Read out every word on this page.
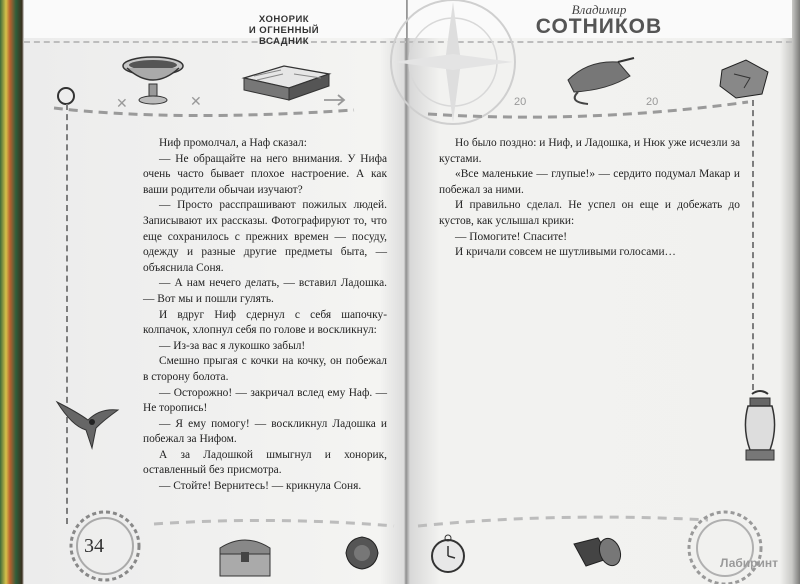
ХОНОРИК
И ОГНЕННЫЙ
ВСАДНИК
✕	✕

Ниф промолчал, а Наф сказал:

— Не обращайте на него внимания. У Нифа очень часто бывает плохое настроение. А как ваши родители обычаи изучают?

— Просто расспрашивают пожилых людей. Записывают их рассказы. Фотографируют то, что еще сохранилось с прежних времен — посуду, одежду и разные другие предметы быта, — объяснила Соня.

— А нам нечего делать, — вставил Ладошка. — Вот мы и пошли гулять.

И вдруг Ниф сдернул с себя шапочку-колпачок, хлопнул себя по голове и воскликнул:

— Из-за вас я лукошко забыл!

Смешно прыгая с кочки на кочку, он побежал в сторону болота.

— Осторожно! — закричал вслед ему Наф. — Не торопись!

— Я ему помогу! — воскликнул Ладошка и побежал за Нифом.

А за Ладошкой шмыгнул и хонорик, оставленный без присмотра.

— Стойте! Вернитесь! — крикнула Соня.

34
Владимир
СОТНИКОВ
20	20

Но было поздно: и Ниф, и Ладошка, и Нюк уже исчезли за кустами.

«Все маленькие — глупые!» — сердито подумал Макар и побежал за ними.

И правильно сделал. Не успел он еще и добежать до кустов, как услышал крики:

— Помогите! Спасите!

И кричали совсем не шутливыми голосами…

Лабиринт
